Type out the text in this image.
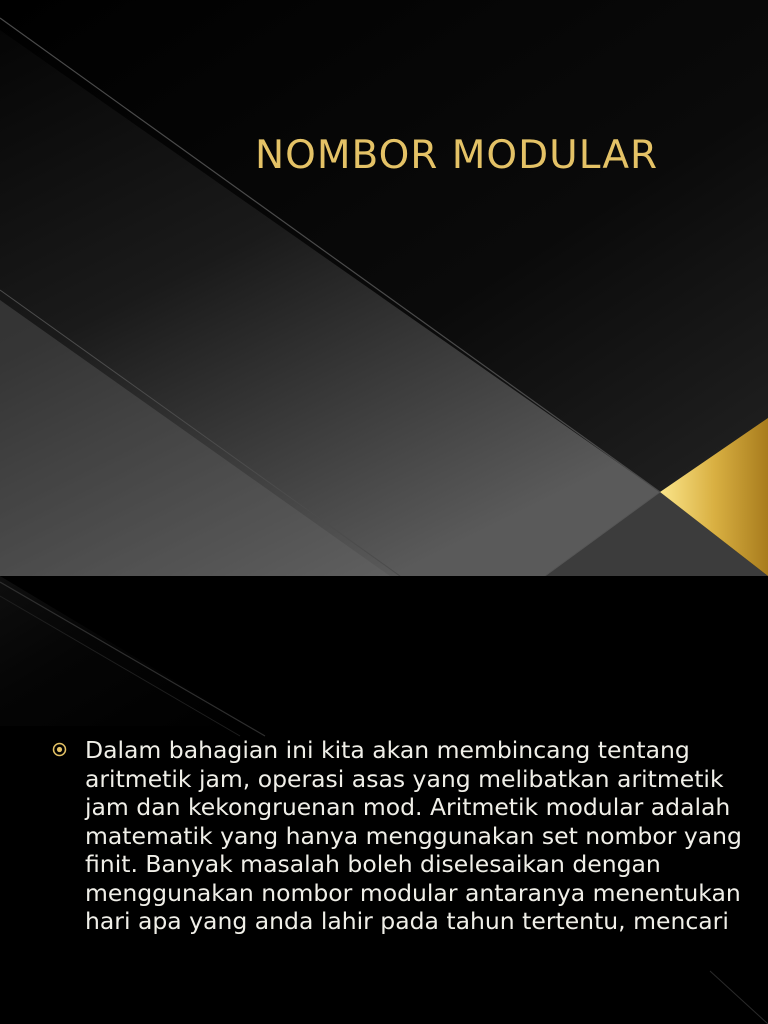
NOMBOR MODULAR

Dalam bahagian ini kita akan membincang tentang aritmetik jam, operasi asas yang melibatkan aritmetik jam dan kekongruenan mod. Aritmetik modular adalah matematik yang hanya menggunakan set nombor yang finit. Banyak masalah boleh diselesaikan dengan menggunakan nombor modular antaranya menentukan hari apa yang anda lahir pada tahun tertentu, mencari
